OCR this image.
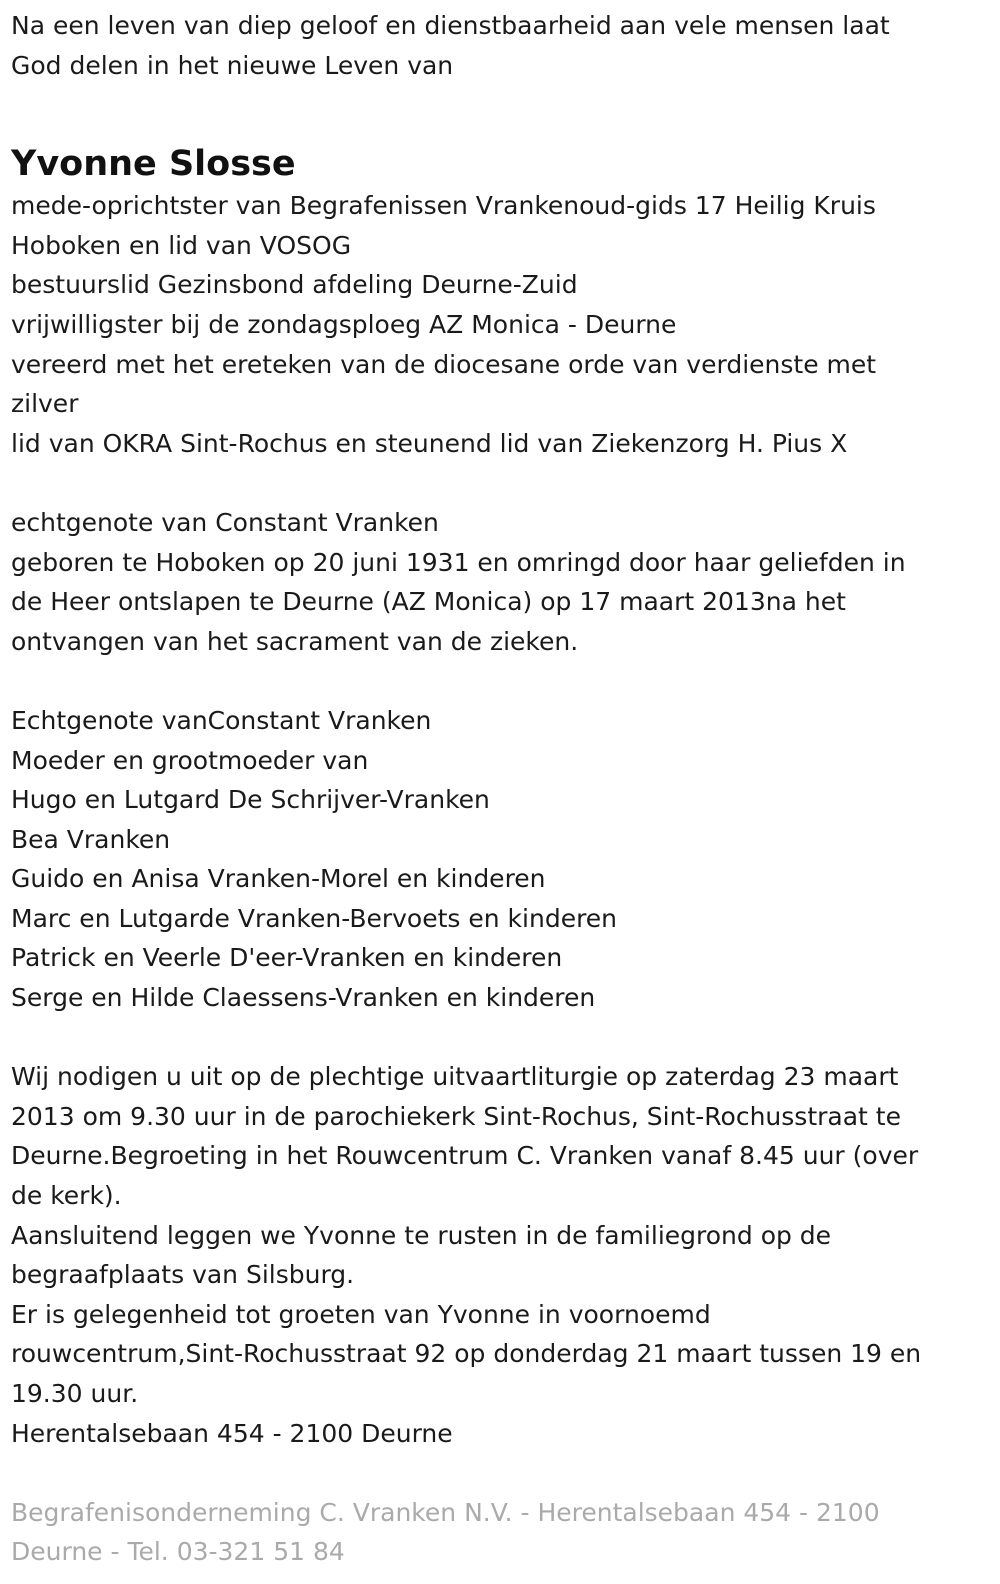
Na een leven van diep geloof en dienstbaarheid aan vele mensen laat
God delen in het nieuwe Leven van
Yvonne Slosse
mede-oprichtster van Begrafenissen Vrankenoud-gids 17 Heilig Kruis
Hoboken en lid van VOSOG
bestuurslid Gezinsbond afdeling Deurne-Zuid
vrijwilligster bij de zondagsploeg AZ Monica - Deurne
vereerd met het ereteken van de diocesane orde van verdienste met
zilver
lid van OKRA Sint-Rochus en steunend lid van Ziekenzorg H. Pius X
echtgenote van Constant Vranken
geboren te Hoboken op 20 juni 1931 en omringd door haar geliefden in
de Heer ontslapen te Deurne (AZ Monica) op 17 maart 2013na het
ontvangen van het sacrament van de zieken.
Echtgenote vanConstant Vranken
Moeder en grootmoeder van
Hugo en Lutgard De Schrijver-Vranken
Bea Vranken
Guido en Anisa Vranken-Morel en kinderen
Marc en Lutgarde Vranken-Bervoets en kinderen
Patrick en Veerle D'eer-Vranken en kinderen
Serge en Hilde Claessens-Vranken en kinderen
Wij nodigen u uit op de plechtige uitvaartliturgie op zaterdag 23 maart
2013 om 9.30 uur in de parochiekerk Sint-Rochus, Sint-Rochusstraat te
Deurne.Begroeting in het Rouwcentrum C. Vranken vanaf 8.45 uur (over
de kerk).
Aansluitend leggen we Yvonne te rusten in de familiegrond op de
begraafplaats van Silsburg.
Er is gelegenheid tot groeten van Yvonne in voornoemd
rouwcentrum,Sint-Rochusstraat 92 op donderdag 21 maart tussen 19 en
19.30 uur.
Herentalsebaan 454 - 2100 Deurne
Begrafenisonderneming C. Vranken N.V. - Herentalsebaan 454 - 2100
Deurne - Tel. 03-321 51 84
